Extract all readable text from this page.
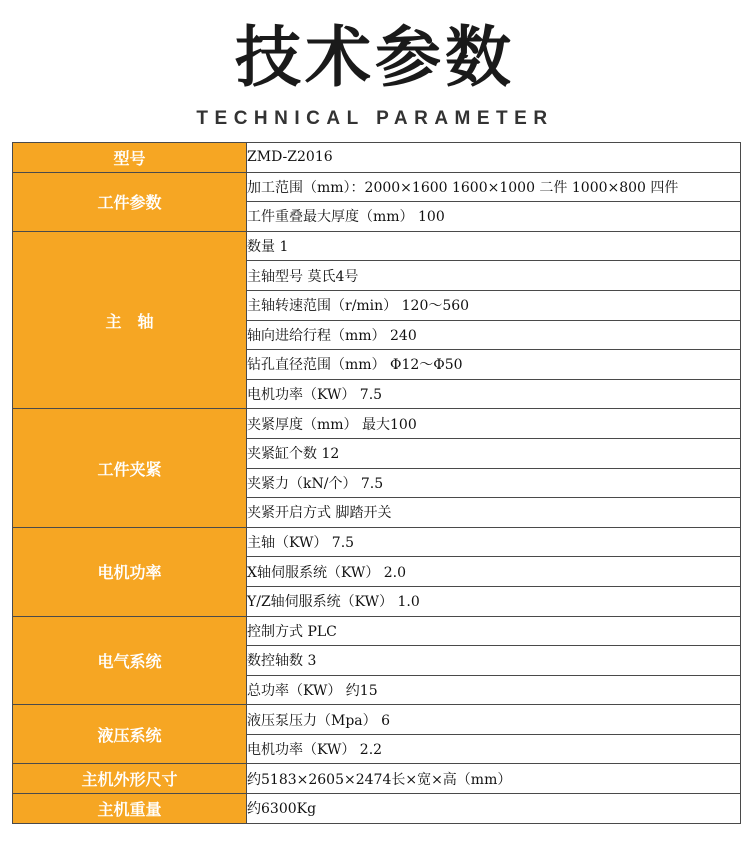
技术参数
TECHNICAL PARAMETER
型号	ZMD-Z2016
工件参数	加工范围（mm）：2000×1600 1600×1000 二件 1000×800 四件
	工件重叠最大厚度（mm） 100
主　轴	数量 1
	主轴型号 莫氏4号
	主轴转速范围（r/min） 120～560
	轴向进给行程（mm） 240
	钻孔直径范围（mm） Φ12～Φ50
	电机功率（KW） 7.5
工件夹紧	夹紧厚度（mm） 最大100
	夹紧缸个数 12
	夹紧力（kN/个） 7.5
	夹紧开启方式 脚踏开关
电机功率	主轴（KW） 7.5
	X轴伺服系统（KW） 2.0
	Y/Z轴伺服系统（KW） 1.0
电气系统	控制方式 PLC
	数控轴数 3
	总功率（KW） 约15
液压系统	液压泵压力（Mpa） 6
	电机功率（KW） 2.2
主机外形尺寸	约5183×2605×2474长×宽×高（mm）
主机重量	约6300Kg
